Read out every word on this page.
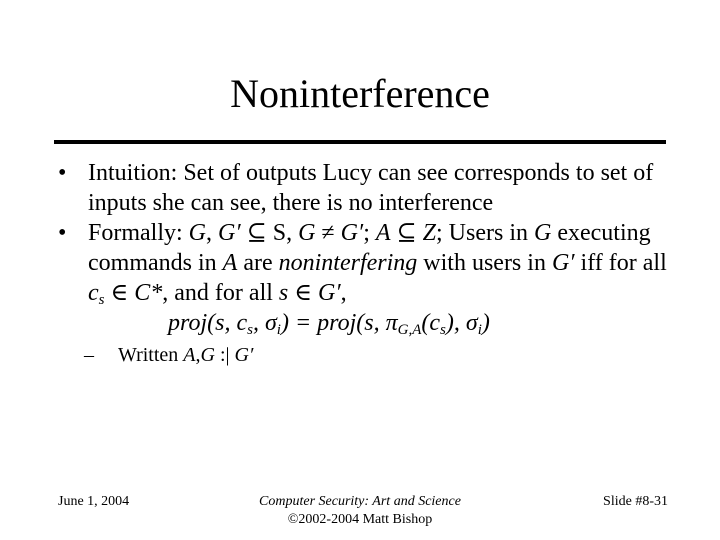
Noninterference
• Intuition: Set of outputs Lucy can see corresponds to set of inputs she can see, there is no interference
• Formally: G, G′ ⊆ S, G ≠ G′; A ⊆ Z; Users in G executing commands in A are noninterfering with users in G′ iff for all $c_s$ ∈ C*, and for all s ∈ G′,
proj(s, $c_s$, $\sigma_i$) = proj(s, $\pi_{G,A}(c_s)$, $\sigma_i$)
– Written A,G :| G′
June 1, 2004	Computer Security: Art and Science
©2002-2004 Matt Bishop
Slide #8-31
